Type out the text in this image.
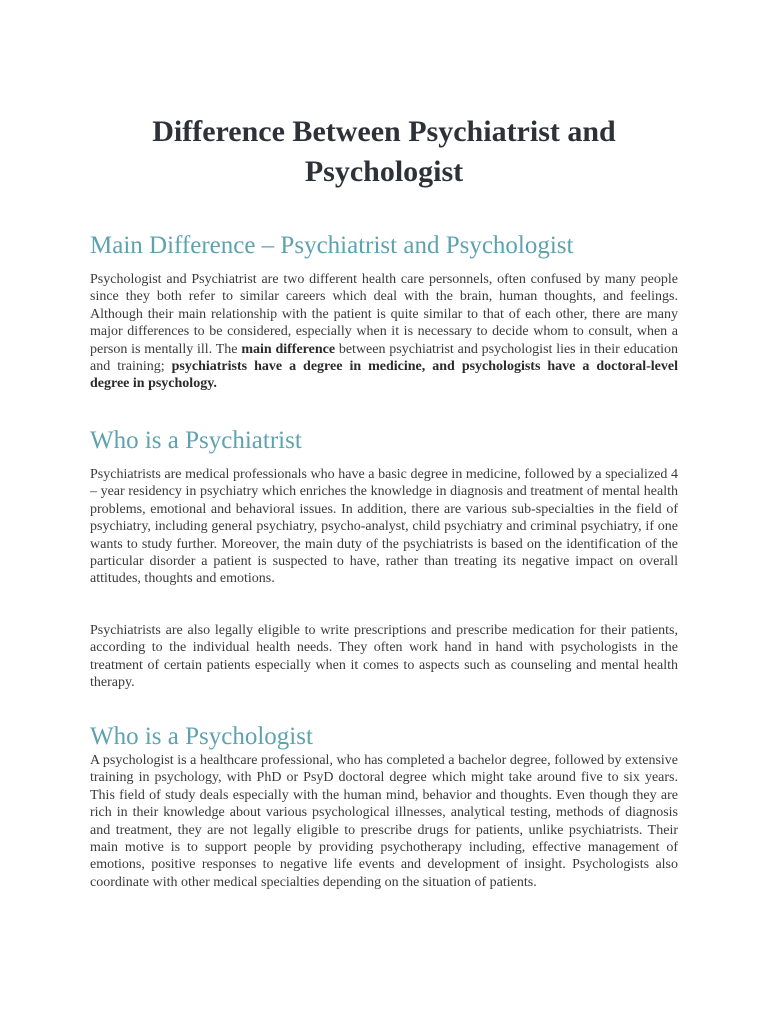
Difference Between Psychiatrist and Psychologist
Main Difference – Psychiatrist and Psychologist

Psychologist and Psychiatrist are two different health care personnels, often confused by many people since they both refer to similar careers which deal with the brain, human thoughts, and feelings. Although their main relationship with the patient is quite similar to that of each other, there are many major differences to be considered, especially when it is necessary to decide whom to consult, when a person is mentally ill. The main difference between psychiatrist and psychologist lies in their education and training; psychiatrists have a degree in medicine, and psychologists have a doctoral-level degree in psychology.

Who is a Psychiatrist

Psychiatrists are medical professionals who have a basic degree in medicine, followed by a specialized 4 – year residency in psychiatry which enriches the knowledge in diagnosis and treatment of mental health problems, emotional and behavioral issues. In addition, there are various sub-specialties in the field of psychiatry, including general psychiatry, psycho-analyst, child psychiatry and criminal psychiatry, if one wants to study further. Moreover, the main duty of the psychiatrists is based on the identification of the particular disorder a patient is suspected to have, rather than treating its negative impact on overall attitudes, thoughts and emotions.

Psychiatrists are also legally eligible to write prescriptions and prescribe medication for their patients, according to the individual health needs. They often work hand in hand with psychologists in the treatment of certain patients especially when it comes to aspects such as counseling and mental health therapy.

Who is a Psychologist

A psychologist is a healthcare professional, who has completed a bachelor degree, followed by extensive training in psychology, with PhD or PsyD doctoral degree which might take around five to six years. This field of study deals especially with the human mind, behavior and thoughts. Even though they are rich in their knowledge about various psychological illnesses, analytical testing, methods of diagnosis and treatment, they are not legally eligible to prescribe drugs for patients, unlike psychiatrists. Their main motive is to support people by providing psychotherapy including, effective management of emotions, positive responses to negative life events and development of insight. Psychologists also coordinate with other medical specialties depending on the situation of patients.
